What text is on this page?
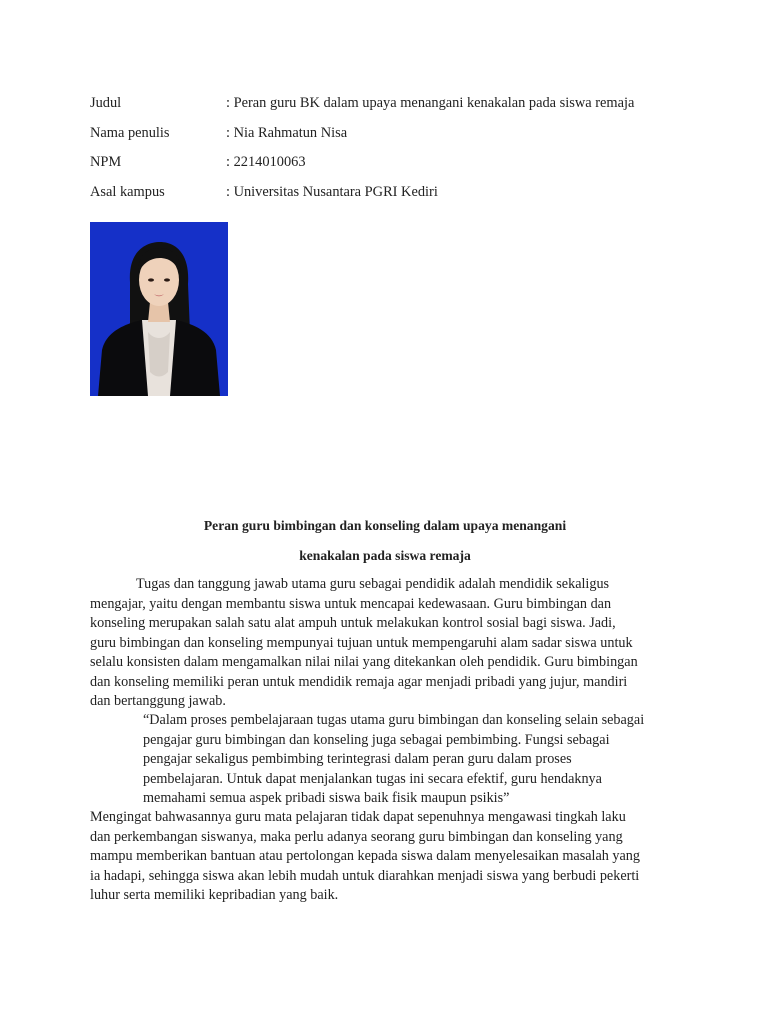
Judul	: Peran guru BK dalam upaya menangani kenakalan pada siswa remaja
Nama penulis	: Nia Rahmatun Nisa
NPM	: 2214010063
Asal kampus	: Universitas Nusantara PGRI Kediri
Peran guru bimbingan dan konseling dalam upaya menangani
kenakalan pada siswa remaja
Tugas dan tanggung jawab utama guru sebagai pendidik adalah mendidik sekaligus
mengajar, yaitu dengan membantu siswa untuk mencapai kedewasaan. Guru bimbingan dan
konseling merupakan salah satu alat ampuh untuk melakukan kontrol sosial bagi siswa. Jadi,
guru bimbingan dan konseling mempunyai tujuan untuk mempengaruhi alam sadar siswa untuk
selalu konsisten dalam mengamalkan nilai nilai yang ditekankan oleh pendidik. Guru bimbingan
dan konseling memiliki peran untuk mendidik remaja agar menjadi pribadi yang jujur, mandiri
dan bertanggung jawab.
“Dalam proses pembelajaraan tugas utama guru bimbingan dan konseling selain sebagai
pengajar guru bimbingan dan konseling juga sebagai pembimbing. Fungsi sebagai
pengajar sekaligus pembimbing terintegrasi dalam peran guru dalam proses
pembelajaran. Untuk dapat menjalankan tugas ini secara efektif, guru hendaknya
memahami semua aspek pribadi siswa baik fisik maupun psikis”
Mengingat bahwasannya guru mata pelajaran tidak dapat sepenuhnya mengawasi tingkah laku
dan perkembangan siswanya, maka perlu adanya seorang guru bimbingan dan konseling yang
mampu memberikan bantuan atau pertolongan kepada siswa dalam menyelesaikan masalah yang
ia hadapi, sehingga siswa akan lebih mudah untuk diarahkan menjadi siswa yang berbudi pekerti
luhur serta memiliki kepribadian yang baik.
